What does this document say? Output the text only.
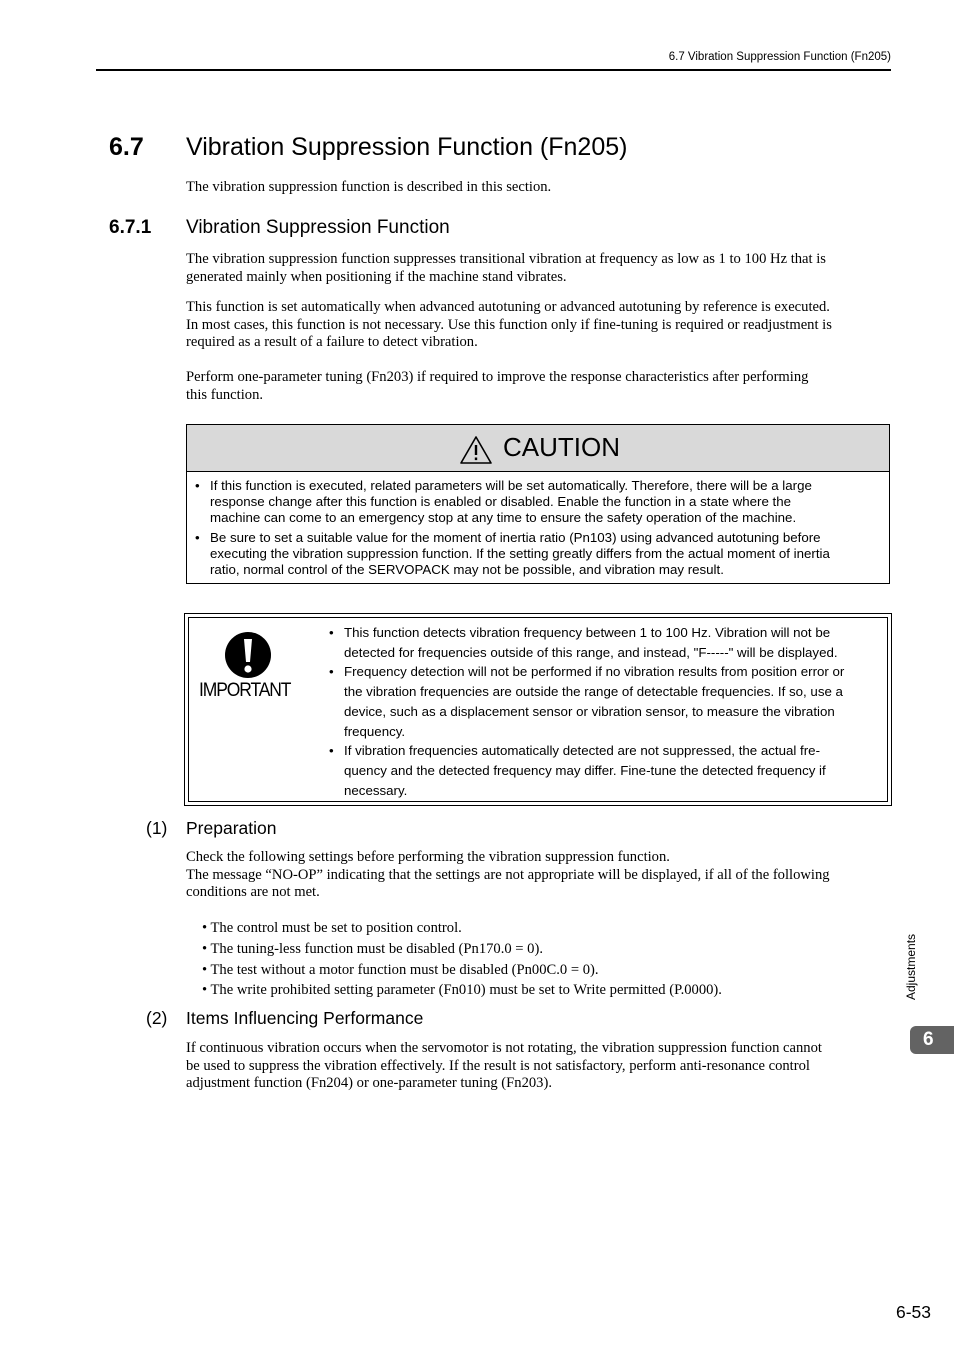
6.7 Vibration Suppression Function (Fn205)
6.7 Vibration Suppression Function (Fn205)
The vibration suppression function is described in this section.
6.7.1 Vibration Suppression Function
The vibration suppression function suppresses transitional vibration at frequency as low as 1 to 100 Hz that is
generated mainly when positioning if the machine stand vibrates.
This function is set automatically when advanced autotuning or advanced autotuning by reference is executed.
In most cases, this function is not necessary. Use this function only if fine-tuning is required or readjustment is
required as a result of a failure to detect vibration.
Perform one-parameter tuning (Fn203) if required to improve the response characteristics after performing
this function.
CAUTION
• If this function is executed, related parameters will be set automatically. Therefore, there will be a large
response change after this function is enabled or disabled. Enable the function in a state where the
machine can come to an emergency stop at any time to ensure the safety operation of the machine.
• Be sure to set a suitable value for the moment of inertia ratio (Pn103) using advanced autotuning before
executing the vibration suppression function. If the setting greatly differs from the actual moment of inertia
ratio, normal control of the SERVOPACK may not be possible, and vibration may result.
IMPORTANT
• This function detects vibration frequency between 1 to 100 Hz. Vibration will not be
detected for frequencies outside of this range, and instead, "F-----" will be displayed.
• Frequency detection will not be performed if no vibration results from position error or
the vibration frequencies are outside the range of detectable frequencies. If so, use a
device, such as a displacement sensor or vibration sensor, to measure the vibration
frequency.
• If vibration frequencies automatically detected are not suppressed, the actual fre-
quency and the detected frequency may differ. Fine-tune the detected frequency if
necessary.
(1) Preparation
Check the following settings before performing the vibration suppression function.
The message “NO-OP” indicating that the settings are not appropriate will be displayed, if all of the following
conditions are not met.
• The control must be set to position control.
• The tuning-less function must be disabled (Pn170.0 = 0).
• The test without a motor function must be disabled (Pn00C.0 = 0).
• The write prohibited setting parameter (Fn010) must be set to Write permitted (P.0000).
(2) Items Influencing Performance
If continuous vibration occurs when the servomotor is not rotating, the vibration suppression function cannot
be used to suppress the vibration effectively. If the result is not satisfactory, perform anti-resonance control
adjustment function (Fn204) or one-parameter tuning (Fn203).
Adjustments
6
6-53
